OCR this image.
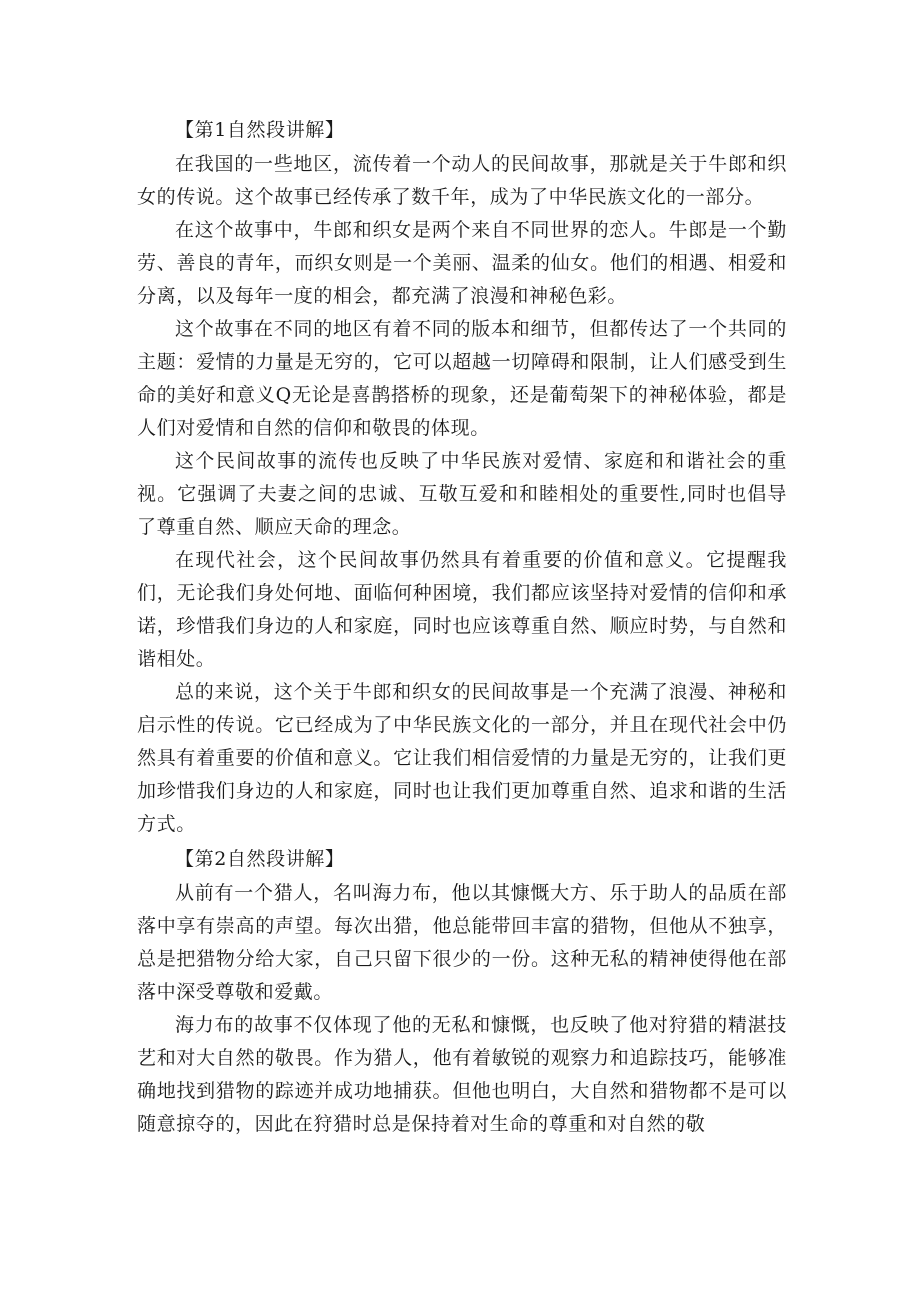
【第1自然段讲解】

在我国的一些地区，流传着一个动人的民间故事，那就是关于牛郎和织女的传说。这个故事已经传承了数千年，成为了中华民族文化的一部分。

在这个故事中，牛郎和织女是两个来自不同世界的恋人。牛郎是一个勤劳、善良的青年，而织女则是一个美丽、温柔的仙女。他们的相遇、相爱和分离，以及每年一度的相会，都充满了浪漫和神秘色彩。

这个故事在不同的地区有着不同的版本和细节，但都传达了一个共同的主题：爱情的力量是无穷的，它可以超越一切障碍和限制，让人们感受到生命的美好和意义Q无论是喜鹊搭桥的现象，还是葡萄架下的神秘体验，都是人们对爱情和自然的信仰和敬畏的体现。

这个民间故事的流传也反映了中华民族对爱情、家庭和和谐社会的重视。它强调了夫妻之间的忠诚、互敬互爱和和睦相处的重要性,同时也倡导了尊重自然、顺应天命的理念。

在现代社会，这个民间故事仍然具有着重要的价值和意义。它提醒我们，无论我们身处何地、面临何种困境，我们都应该坚持对爱情的信仰和承诺，珍惜我们身边的人和家庭，同时也应该尊重自然、顺应时势，与自然和谐相处。

总的来说，这个关于牛郎和织女的民间故事是一个充满了浪漫、神秘和启示性的传说。它已经成为了中华民族文化的一部分，并且在现代社会中仍然具有着重要的价值和意义。它让我们相信爱情的力量是无穷的，让我们更加珍惜我们身边的人和家庭，同时也让我们更加尊重自然、追求和谐的生活方式。

【第2自然段讲解】

从前有一个猎人，名叫海力布，他以其慷慨大方、乐于助人的品质在部落中享有崇高的声望。每次出猎，他总能带回丰富的猎物，但他从不独享，总是把猎物分给大家，自己只留下很少的一份。这种无私的精神使得他在部落中深受尊敬和爱戴。

海力布的故事不仅体现了他的无私和慷慨，也反映了他对狩猎的精湛技艺和对大自然的敬畏。作为猎人，他有着敏锐的观察力和追踪技巧，能够准确地找到猎物的踪迹并成功地捕获。但他也明白，大自然和猎物都不是可以随意掠夺的，因此在狩猎时总是保持着对生命的尊重和对自然的敬
